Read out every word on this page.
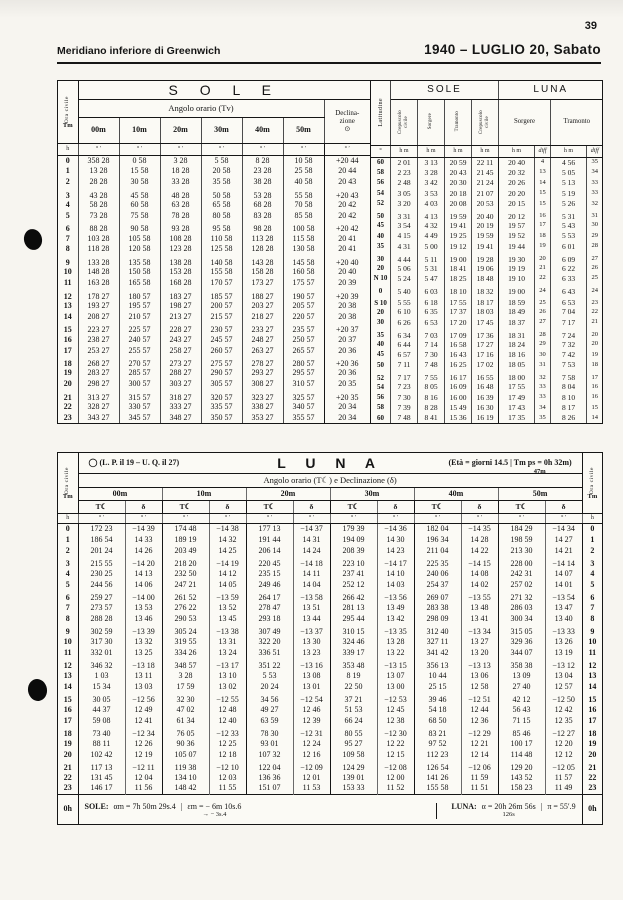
39
Meridiano inferiore di Greenwich	1940 – LUGLIO 20, Sabato
Ora civile
Tm	S O L E						
	Angolo orario (Tv)						Declina-
zione
⊙

	00m	10m	20m	30m	40m	50m	
h	° ′	° ′	° ′	° ′	° ′	° ′	° ′
0	358 28	0 58	3 28	5 58	8 28	10 58	+20 44
1	13 28	15 58	18 28	20 58	23 28	25 58	20 44
2	28 28	30 58	33 28	35 58	38 28	40 58	20 43
3	43 28	45 58	48 28	50 58	53 28	55 58	+20 43
4	58 28	60 58	63 28	65 58	68 28	70 58	20 42
5	73 28	75 58	78 28	80 58	83 28	85 58	20 42
6	88 28	90 58	93 28	95 58	98 28	100 58	+20 42
7	103 28	105 58	108 28	110 58	113 28	115 58	20 41
8	118 28	120 58	123 28	125 58	128 28	130 58	20 41
9	133 28	135 58	138 28	140 58	143 28	145 58	+20 40
10	148 28	150 58	153 28	155 58	158 28	160 58	20 40
11	163 28	165 58	168 28	170 57	173 27	175 57	20 39
12	178 27	180 57	183 27	185 57	188 27	190 57	+20 39
13	193 27	195 57	198 27	200 57	203 27	205 57	20 38
14	208 27	210 57	213 27	215 57	218 27	220 57	20 38
15	223 27	225 57	228 27	230 57	233 27	235 57	+20 37
16	238 27	240 57	243 27	245 57	248 27	250 57	20 37
17	253 27	255 57	258 27	260 57	263 27	265 57	20 36
18	268 27	270 57	273 27	275 57	278 27	280 57	+20 36
19	283 27	285 57	288 27	290 57	293 27	295 57	20 36
20	298 27	300 57	303 27	305 57	308 27	310 57	20 35
21	313 27	315 57	318 27	320 57	323 27	325 57	+20 35
22	328 27	330 57	333 27	335 57	338 27	340 57	20 34
23	343 27	345 57	348 27	350 57	353 27	355 57	20 34
Latitudine	SOLE				LUNA			

	Crepuscolo civile	Sorgere	Tramonto	Crepuscolo civile	Sorgere		Tramonto	
°	h m	h m	h m	h m	h m	diff	h m	diff
60	2 01	3 13	20 59	22 11	20 40	4	4 56	35
58	2 23	3 28	20 43	21 45	20 32	13	5 05	34
56	2 48	3 42	20 30	21 24	20 26	14	5 13	33
54	3 05	3 53	20 18	21 07	20 20	15	5 19	33
52	3 20	4 03	20 08	20 53	20 15	15	5 26	32
50	3 31	4 13	19 59	20 40	20 12	16	5 31	31
45	3 54	4 32	19 41	20 19	19 57	17	5 43	30
40	4 15	4 49	19 25	19 59	19 52	18	5 53	29
35	4 31	5 00	19 12	19 41	19 44	19	6 01	28
30	4 44	5 11	19 00	19 28	19 30	20	6 09	27
20	5 06	5 31	18 41	19 06	19 19	21	6 22	26
N 10	5 24	5 47	18 25	18 48	19 10	22	6 33	25
0	5 40	6 03	18 10	18 32	19 00	24	6 43	24
S 10	5 55	6 18	17 55	18 17	18 59	25	6 53	23
20	6 10	6 35	17 37	18 03	18 49	26	7 04	22
30	6 26	6 53	17 20	17 45	18 37	27	7 17	21
35	6 34	7 03	17 09	17 36	18 31	28	7 24	20
40	6 44	7 14	16 58	17 27	18 24	29	7 32	20
45	6 57	7 30	16 43	17 16	18 16	30	7 42	19
50	7 11	7 48	16 25	17 02	18 05	31	7 53	18
52	7 17	7 55	16 17	16 55	18 00	32	7 58	17
54	7 23	8 05	16 09	16 48	17 55	33	8 04	16
56	7 30	8 16	16 00	16 39	17 49	33	8 10	16
58	7 39	8 28	15 49	16 30	17 43	34	8 17	15
60	7 48	8 41	15 36	16 19	17 35	35	8 26	14
Ora civile
Tm	◯ (L. P. il 19 – U. Q. il 27) L U N A (Età = giorni 14.5 | Tm ps = 0h 32m)
47m												Ora civile
Tm

	Angolo orario (T☾) e Declinazione (δ)												
	00m		10m		20m		30m		40m		50m		
	T☾	δ	T☾	δ	T☾	δ	T☾	δ	T☾	δ	T☾	δ	
h	° ′	° ′	° ′	° ′	° ′	° ′	° ′	° ′	° ′	° ′	° ′	° ′	h
0	172 23	−14 39	174 48	−14 38	177 13	−14 37	179 39	−14 36	182 04	−14 35	184 29	−14 34	0
1	186 54	14 33	189 19	14 32	191 44	14 31	194 09	14 30	196 34	14 28	198 59	14 27	1
2	201 24	14 26	203 49	14 25	206 14	14 24	208 39	14 23	211 04	14 22	213 30	14 21	2
3	215 55	−14 20	218 20	−14 19	220 45	−14 18	223 10	−14 17	225 35	−14 15	228 00	−14 14	3
4	230 25	14 13	232 50	14 12	235 15	14 11	237 41	14 10	240 06	14 08	242 31	14 07	4
5	244 56	14 06	247 21	14 05	249 46	14 04	252 12	14 03	254 37	14 02	257 02	14 01	5
6	259 27	−14 00	261 52	−13 59	264 17	−13 58	266 42	−13 56	269 07	−13 55	271 32	−13 54	6
7	273 57	13 53	276 22	13 52	278 47	13 51	281 13	13 49	283 38	13 48	286 03	13 47	7
8	288 28	13 46	290 53	13 45	293 18	13 44	295 44	13 42	298 09	13 41	300 34	13 40	8
9	302 59	−13 39	305 24	−13 38	307 49	−13 37	310 15	−13 35	312 40	−13 34	315 05	−13 33	9
10	317 30	13 32	319 55	13 31	322 20	13 30	324 46	13 28	327 11	13 27	329 36	13 26	10
11	332 01	13 25	334 26	13 24	336 51	13 23	339 17	13 22	341 42	13 20	344 07	13 19	11
12	346 32	−13 18	348 57	−13 17	351 22	−13 16	353 48	−13 15	356 13	−13 13	358 38	−13 12	12
13	1 03	13 11	3 28	13 10	5 53	13 08	8 19	13 07	10 44	13 06	13 09	13 04	13
14	15 34	13 03	17 59	13 02	20 24	13 01	22 50	13 00	25 15	12 58	27 40	12 57	14
15	30 05	−12 56	32 30	−12 55	34 56	−12 54	37 21	−12 53	39 46	−12 51	42 12	−12 50	15
16	44 37	12 49	47 02	12 48	49 27	12 46	51 53	12 45	54 18	12 44	56 43	12 42	16
17	59 08	12 41	61 34	12 40	63 59	12 39	66 24	12 38	68 50	12 36	71 15	12 35	17
18	73 40	−12 34	76 05	−12 33	78 30	−12 31	80 55	−12 30	83 21	−12 29	85 46	−12 27	18
19	88 11	12 26	90 36	12 25	93 01	12 24	95 27	12 22	97 52	12 21	100 17	12 20	19
20	102 42	12 19	105 07	12 18	107 32	12 16	109 58	12 15	112 23	12 14	114 48	12 12	20
21	117 13	−12 11	119 38	−12 10	122 04	−12 09	124 29	−12 08	126 54	−12 06	129 20	−12 05	21
22	131 45	12 04	134 10	12 03	136 36	12 01	139 01	12 00	141 26	11 59	143 52	11 57	22
23	146 17	11 56	148 42	11 55	151 07	11 53	153 33	11 52	155 58	11 51	158 23	11 49	23
0h	SOLE: αm = 7h 50m 29s.4 | εm = − 6m 10s.6
→ − 3s.4
LUNA: α = 20h 26m 56s
126s
| π = 55′.9	0h
